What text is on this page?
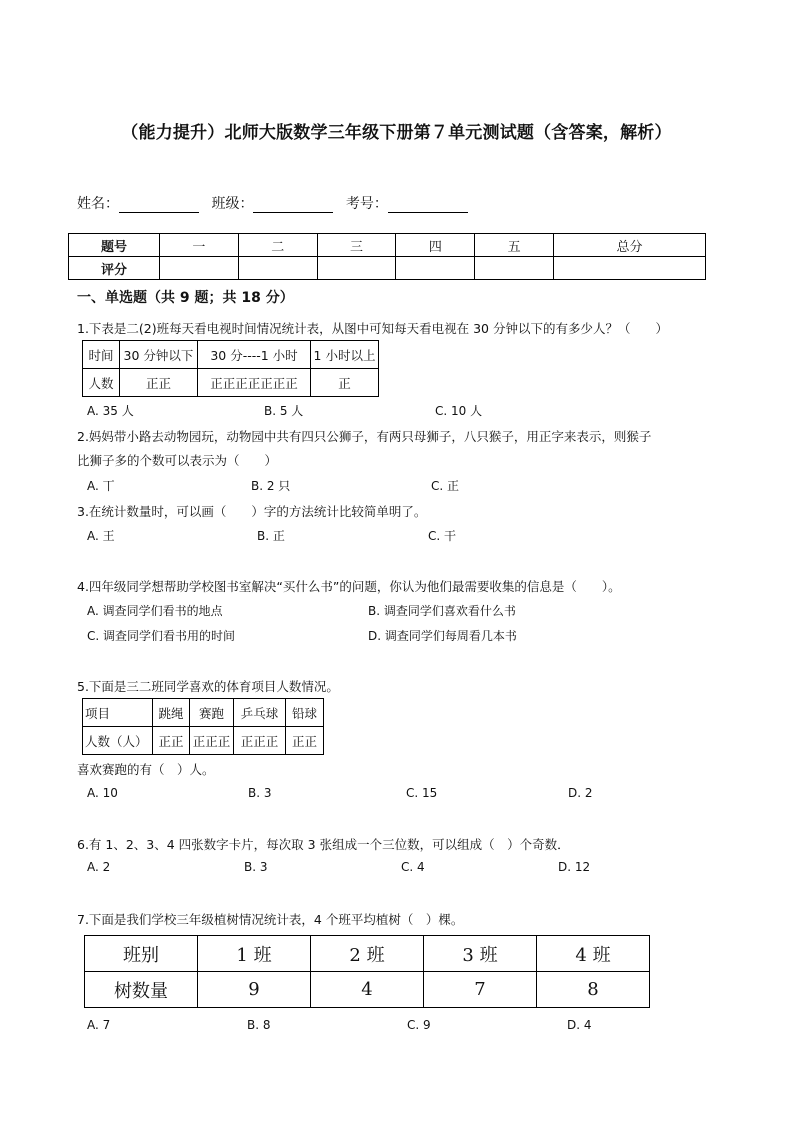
（能力提升）北师大版数学三年级下册第７单元测试题（含答案，解析）
姓名：	班级：	考号：
题号	一	二	三	四	五	总分
评分						
一、单选题（共 9 题；共 18 分）
1.下表是二(2)班每天看电视时间情况统计表，从图中可知每天看电视在 30 分钟以下的有多少人？（　　）
时间	30 分钟以下	30 分----1 小时	1 小时以上
人数	正正	正正正正正正正	正
A. 35 人	B. 5 人	C. 10 人
2.妈妈带小路去动物园玩，动物园中共有四只公狮子，有两只母狮子，八只猴子，用正字来表示，则猴子
比狮子多的个数可以表示为（　　）
A. 丅	B. 2 只	C. 正
3.在统计数量时，可以画（　　）字的方法统计比较简单明了。
A. 王	B. 正	C. 干
4.四年级同学想帮助学校图书室解决“买什么书”的问题，你认为他们最需要收集的信息是（　　）。
A. 调查同学们看书的地点	B. 调查同学们喜欢看什么书
C. 调查同学们看书用的时间	D. 调查同学们每周看几本书
5.下面是三二班同学喜欢的体育项目人数情况。
项目	跳绳	赛跑	乒乓球	铅球
人数（人）	正正	正正正	正正正	正正
喜欢赛跑的有（　）人。
A. 10	B. 3	C. 15	D. 2
6.有 1、2、3、4 四张数字卡片，每次取 3 张组成一个三位数，可以组成（　）个奇数．
A. 2	B. 3	C. 4	D. 12
7.下面是我们学校三年级植树情况统计表，4 个班平均植树（　）棵。
班别	1 班	2 班	3 班	4 班
树数量	9	4	7	8
A. 7	B. 8	C. 9	D. 4
